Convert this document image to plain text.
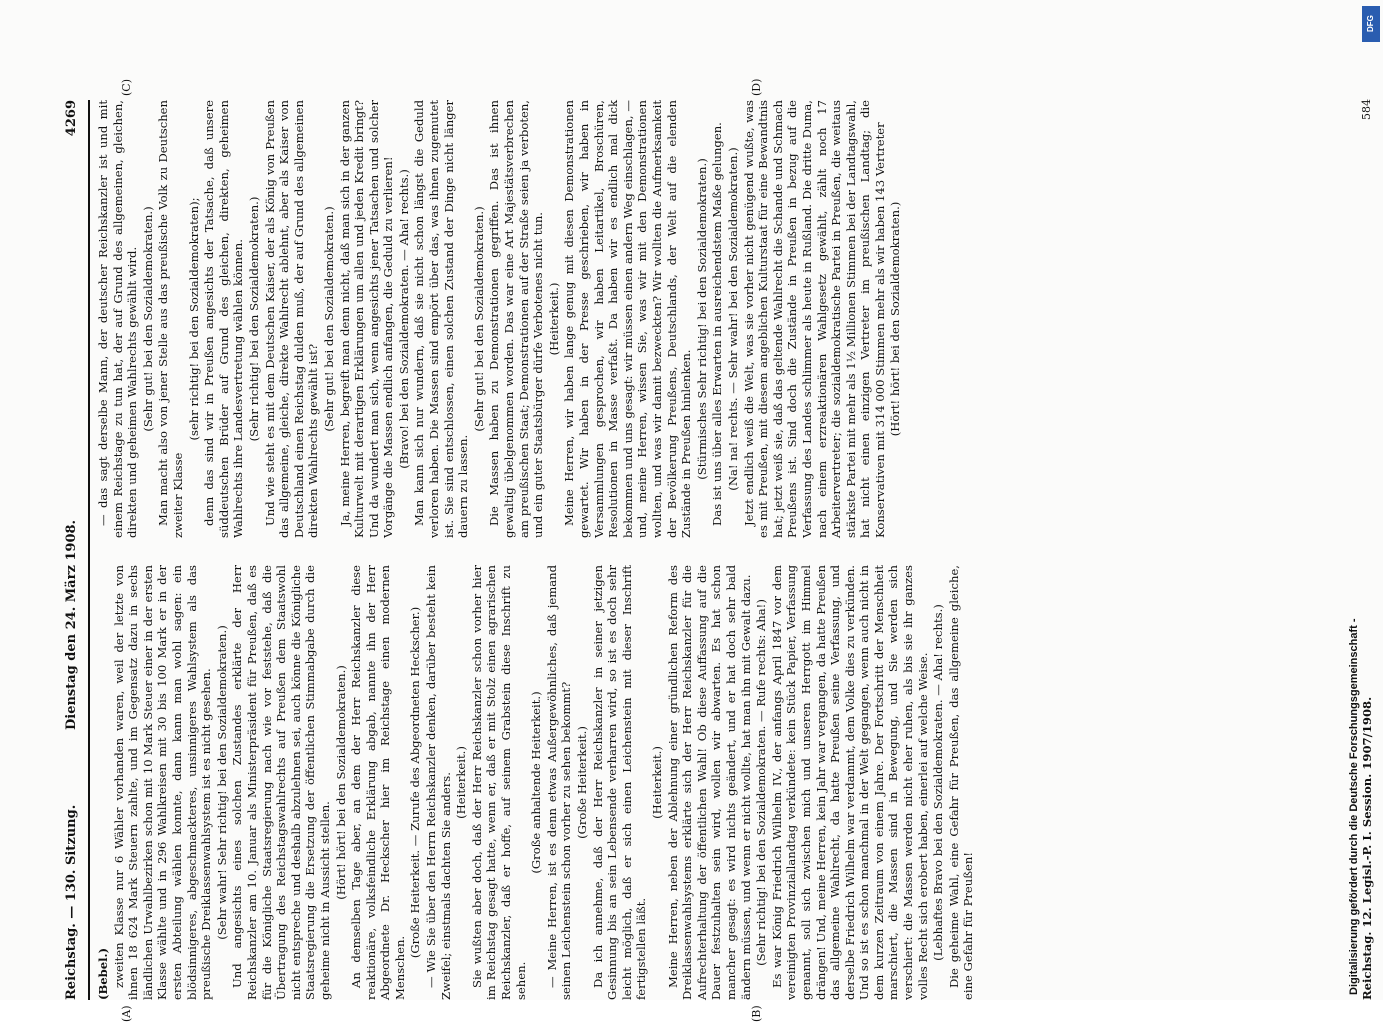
Reichstag. — 130. Sitzung.
Dienstag den 24. März 1908.
4269

(Bebel.) zweiten Klasse nur 6 Wähler vorhanden waren, weil der letzte von ihnen 18 624 Mark Steuern zahlte, und im Gegensatz dazu in sechs ländlichen Urwahlbezirken schon mit 10 Mark Steuer einer in der ersten Klasse wählte und in 296 Wahlkreisen mit 30 bis 100 Mark er in der ersten Abteilung wählen konnte, dann kann man wohl sagen: ein blödsinnigeres, abgeschmackteres, unsinnigeres Wahlsystem als das preußische Dreiklassenwahlsystem ist es nicht gesehen. (Sehr wahr! Sehr richtig! bei den Sozialdemokraten.) Und angesichts eines solchen Zustandes erklärte der Herr Reichskanzler am 10. Januar als Ministerpräsident für Preußen, daß es für die Königliche Staatsregierung nach wie vor feststehe, daß die Übertragung des Reichstagswahlrechts auf Preußen dem Staatswohl nicht entspreche und deshalb abzulehnen sei, auch könne die Königliche Staatsregierung die Ersetzung der öffentlichen Stimmabgabe durch die geheime nicht in Aussicht stellen.

(Hört! hört! bei den Sozialdemokraten.) An demselben Tage aber, an dem der Herr Reichskanzler diese reaktionäre, volksfeindliche Erklärung abgab, nannte ihn der Herr Abgeordnete Dr. Heckscher hier im Reichstage einen modernen Menschen.

(Große Heiterkeit. — Zurufe des Abgeordneten Heckscher.) — Wie Sie über den Herrn Reichskanzler denken, darüber besteht kein Zweifel; einstmals dachten Sie anders. (Heiterkeit.) Sie wußten aber doch, daß der Herr Reichskanzler schon vorher hier im Reichstag gesagt hatte, wenn er, daß er mit Stolz einen agrarischen Reichskanzler, daß er hoffe, auf seinem Grabstein diese Inschrift zu sehen.

(Große anhaltende Heiterkeit.) — Meine Herren, ist es denn etwas Außergewöhnliches, daß jemand seinen Leichenstein schon vorher zu sehen bekommt? (Große Heiterkeit.) Da ich annehme, daß der Herr Reichskanzler in seiner jetzigen Gesinnung bis an sein Lebensende verharren wird, so ist es doch sehr leicht möglich, daß er sich einen Leichenstein mit dieser Inschrift fertigstellen läßt.

(Heiterkeit.) Meine Herren, neben der Ablehnung einer gründlichen Reform des Dreiklassenwahlsystems erklärte sich der Herr Reichskanzler für die Aufrechterhaltung der öffentlichen Wahl! Ob diese Auffassung auf die Dauer festzuhalten sein wird, wollen wir abwarten. Es hat schon mancher gesagt: es wird nichts geändert, und er hat doch sehr bald ändern müssen, und wenn er nicht wollte, hat man ihn mit Gewalt dazu. (Sehr richtig! bei den Sozialdemokraten. — Rufe rechts: Aha!) Es war König Friedrich Wilhelm IV., der anfangs April 1847 vor dem vereinigten Provinziallandtag verkündete: kein Stück Papier, Verfassung genannt, soll sich zwischen mich und unseren Herrgott im Himmel drängen! Und, meine Herren, kein Jahr war vergangen, da hatte Preußen das allgemeine Wahlrecht, da hatte Preußen seine Verfassung, und derselbe Friedrich Wilhelm war verdammt, dem Volke dies zu verkünden. Und so ist es schon manchmal in der Welt gegangen, wenn auch nicht in dem kurzen Zeitraum von einem Jahre. Der Fortschritt der Menschheit marschiert, die Massen sind in Bewegung, und Sie werden sich verschiert: die Massen werden nicht eher ruhen, als bis sie ihr ganzes volles Recht sich erobert haben, einerlei auf welche Weise. (Lebhaftes Bravo bei den Sozialdemokraten. — Aha! rechts.) Die geheime Wahl, eine Gefahr für Preußen, das allgemeine gleiche, eine Gefahr für Preußen!

— das sagt derselbe Mann, der deutscher Reichskanzler ist und mit einem Reichstage zu tun hat, der auf Grund des allgemeinen, gleichen, direkten und geheimen Wahlrechts gewählt wird. (Sehr gut! bei den Sozialdemokraten.) Man macht also von jener Stelle aus das preußische Volk zu Deutschen zweiter Klasse

(sehr richtig! bei den Sozialdemokraten); denn das sind wir in Preußen angesichts der Tatsache, daß unsere süddeutschen Brüder auf Grund des gleichen, direkten, geheimen Wahlrechts ihre Landesvertretung wählen können. (Sehr richtig! bei den Sozialdemokraten.) Und wie steht es mit dem Deutschen Kaiser, der als König von Preußen das allgemeine, gleiche, direkte Wahlrecht ablehnt, aber als Kaiser von Deutschland einen Reichstag dulden muß, der auf Grund des allgemeinen direkten Wahlrechts gewählt ist?

(Sehr gut! bei den Sozialdemokraten.) Ja, meine Herren, begreift man denn nicht, daß man sich in der ganzen Kulturwelt mit derartigen Erklärungen um allen und jeden Kredit bringt? Und da wundert man sich, wenn angesichts jener Tatsachen und solcher Vorgänge die Massen endlich anfangen, die Geduld zu verlieren! (Bravo! bei den Sozialdemokraten. — Aha! rechts.) Man kann sich nur wundern, daß sie nicht schon längst die Geduld verloren haben. Die Massen sind empört über das, was ihnen zugemutet ist. Sie sind entschlossen, einen solchen Zustand der Dinge nicht länger dauern zu lassen.

(Sehr gut! bei den Sozialdemokraten.) Die Massen haben zu Demonstrationen gegriffen. Das ist ihnen gewaltig übelgenommen worden. Das war eine Art Majestätsverbrechen am preußischen Staat; Demonstrationen auf der Straße seien ja verboten, und ein guter Staatsbürger dürfe Verbotenes nicht tun. (Heiterkeit.) Meine Herren, wir haben lange genug mit diesen Demonstrationen gewartet. Wir haben in der Presse geschrieben, wir haben in Versammlungen gesprochen, wir haben Leitartikel, Broschüren, Resolutionen in Masse verfaßt. Da haben wir es endlich mal dick bekommen und uns gesagt: wir müssen einen andern Weg einschlagen, — und, meine Herren, wissen Sie, was wir mit den Demonstrationen wollten, und was wir damit bezweckten? Wir wollten die Aufmerksamkeit der Bevölkerung Preußens, Deutschlands, der Welt auf die elenden Zustände in Preußen hinlenken. (Stürmisches Sehr richtig! bei den Sozialdemokraten.) Das ist uns über alles Erwarten in ausreichendstem Maße gelungen. (Na! na! rechts. — Sehr wahr! bei den Sozialdemokraten.) Jetzt endlich weiß die Welt, was sie vorher nicht genügend wußte, was es mit Preußen, mit diesem angeblichen Kulturstaat für eine Bewandtnis hat; jetzt weiß sie, daß das geltende Wahlrecht die Schande und Schmach Preußens ist. Sind doch die Zustände in Preußen in bezug auf die Verfassung des Landes schlimmer als heute in Rußland. Die dritte Duma, nach einem erzreaktionären Wahlgesetz gewählt, zählt noch 17 Arbeitervertreter; die sozialdemokratische Partei in Preußen, die weitaus stärkste Partei mit mehr als 1½ Millionen Stimmen bei der Landtagswahl, hat nicht einen einzigen Vertreter im preußischen Landtag; die Konservativen mit 314 000 Stimmen mehr als wir haben 143 Vertreter (Hört! hört! bei den Sozialdemokraten.)

(A)	(B)
(C)	(D)
Reichstag. 12. Legisl.-P. I. Session. 1907/1908.
584
Digitalisierung gefördert durch die Deutsche Forschungsgemeinschaft -
DFG
